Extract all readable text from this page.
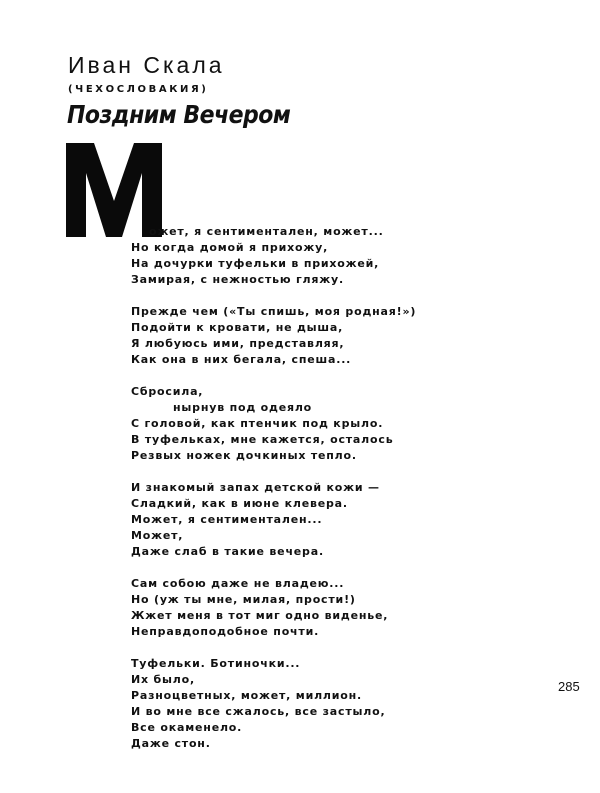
Иван Скала
(ЧЕХОСЛОВАКИЯ)
Поздним Вечером
ожет, я сентиментален, может...
Но когда домой я прихожу,
На дочурки туфельки в прихожей,
Замирая, с нежностью гляжу.
Прежде чем («Ты спишь, моя родная!»)
Подойти к кровати, не дыша,
Я любуюсь ими, представляя,
Как она в них бегала, спеша...
Сбросила,
нырнув под одеяло
С головой, как птенчик под крыло.
В туфельках, мне кажется, осталось
Резвых ножек дочкиных тепло.
И знакомый запах детской кожи —
Сладкий, как в июне клевера.
Может, я сентиментален...
Может,
Даже слаб в такие вечера.
Сам собою даже не владею...
Но (уж ты мне, милая, прости!)
Жжет меня в тот миг одно виденье,
Неправдоподобное почти.
Туфельки. Ботиночки...
Их было,
Разноцветных, может, миллион.
И во мне все сжалось, все застыло,
Все окаменело.
Даже стон.
285
